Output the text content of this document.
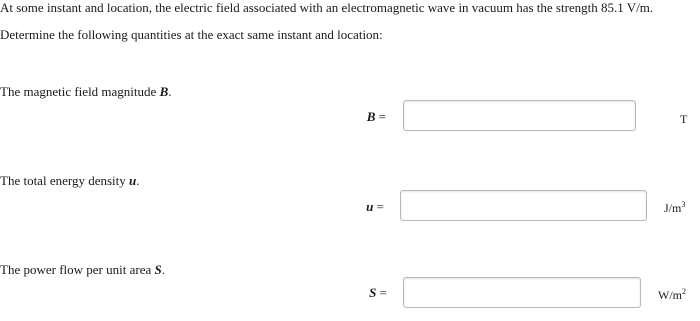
At some instant and location, the electric field associated with an electromagnetic wave in vacuum has the strength 85.1 V/m.
Determine the following quantities at the exact same instant and location:
The magnetic field magnitude B.
B =	T
The total energy density u.
u =	$J/m^3$
The power flow per unit area S.
S =	$W/m^2$
